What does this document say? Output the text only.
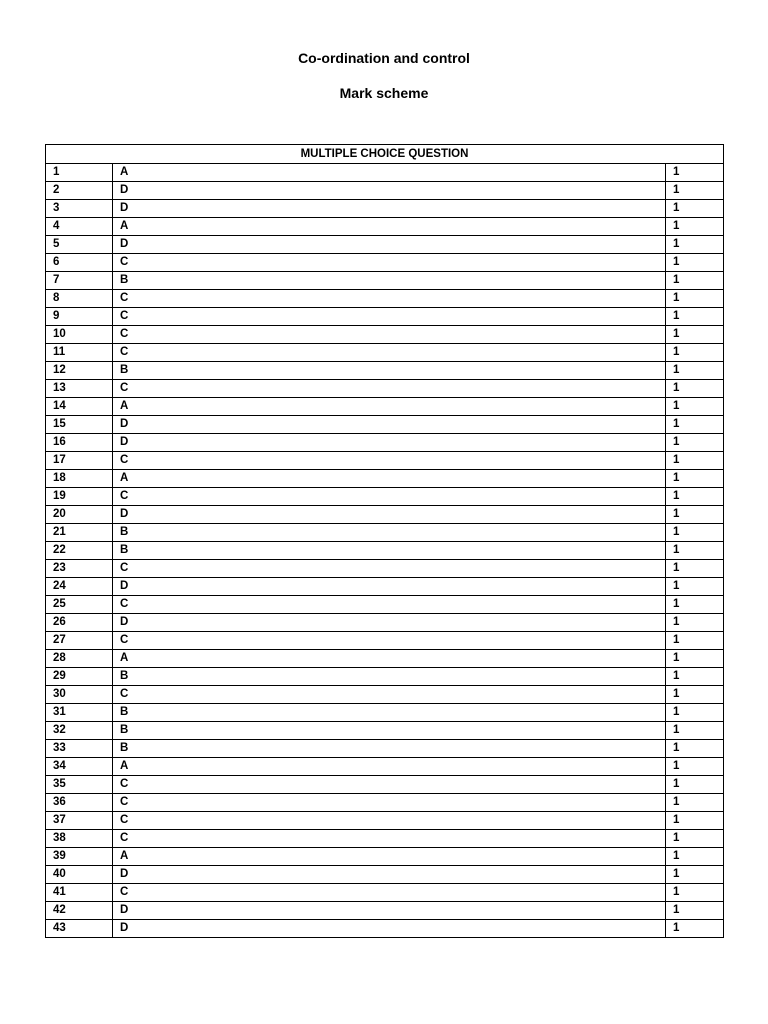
Co-ordination and control
Mark scheme
MULTIPLE CHOICE QUESTION		
1	A	1
2	D	1
3	D	1
4	A	1
5	D	1
6	C	1
7	B	1
8	C	1
9	C	1
10	C	1
11	C	1
12	B	1
13	C	1
14	A	1
15	D	1
16	D	1
17	C	1
18	A	1
19	C	1
20	D	1
21	B	1
22	B	1
23	C	1
24	D	1
25	C	1
26	D	1
27	C	1
28	A	1
29	B	1
30	C	1
31	B	1
32	B	1
33	B	1
34	A	1
35	C	1
36	C	1
37	C	1
38	C	1
39	A	1
40	D	1
41	C	1
42	D	1
43	D	1
